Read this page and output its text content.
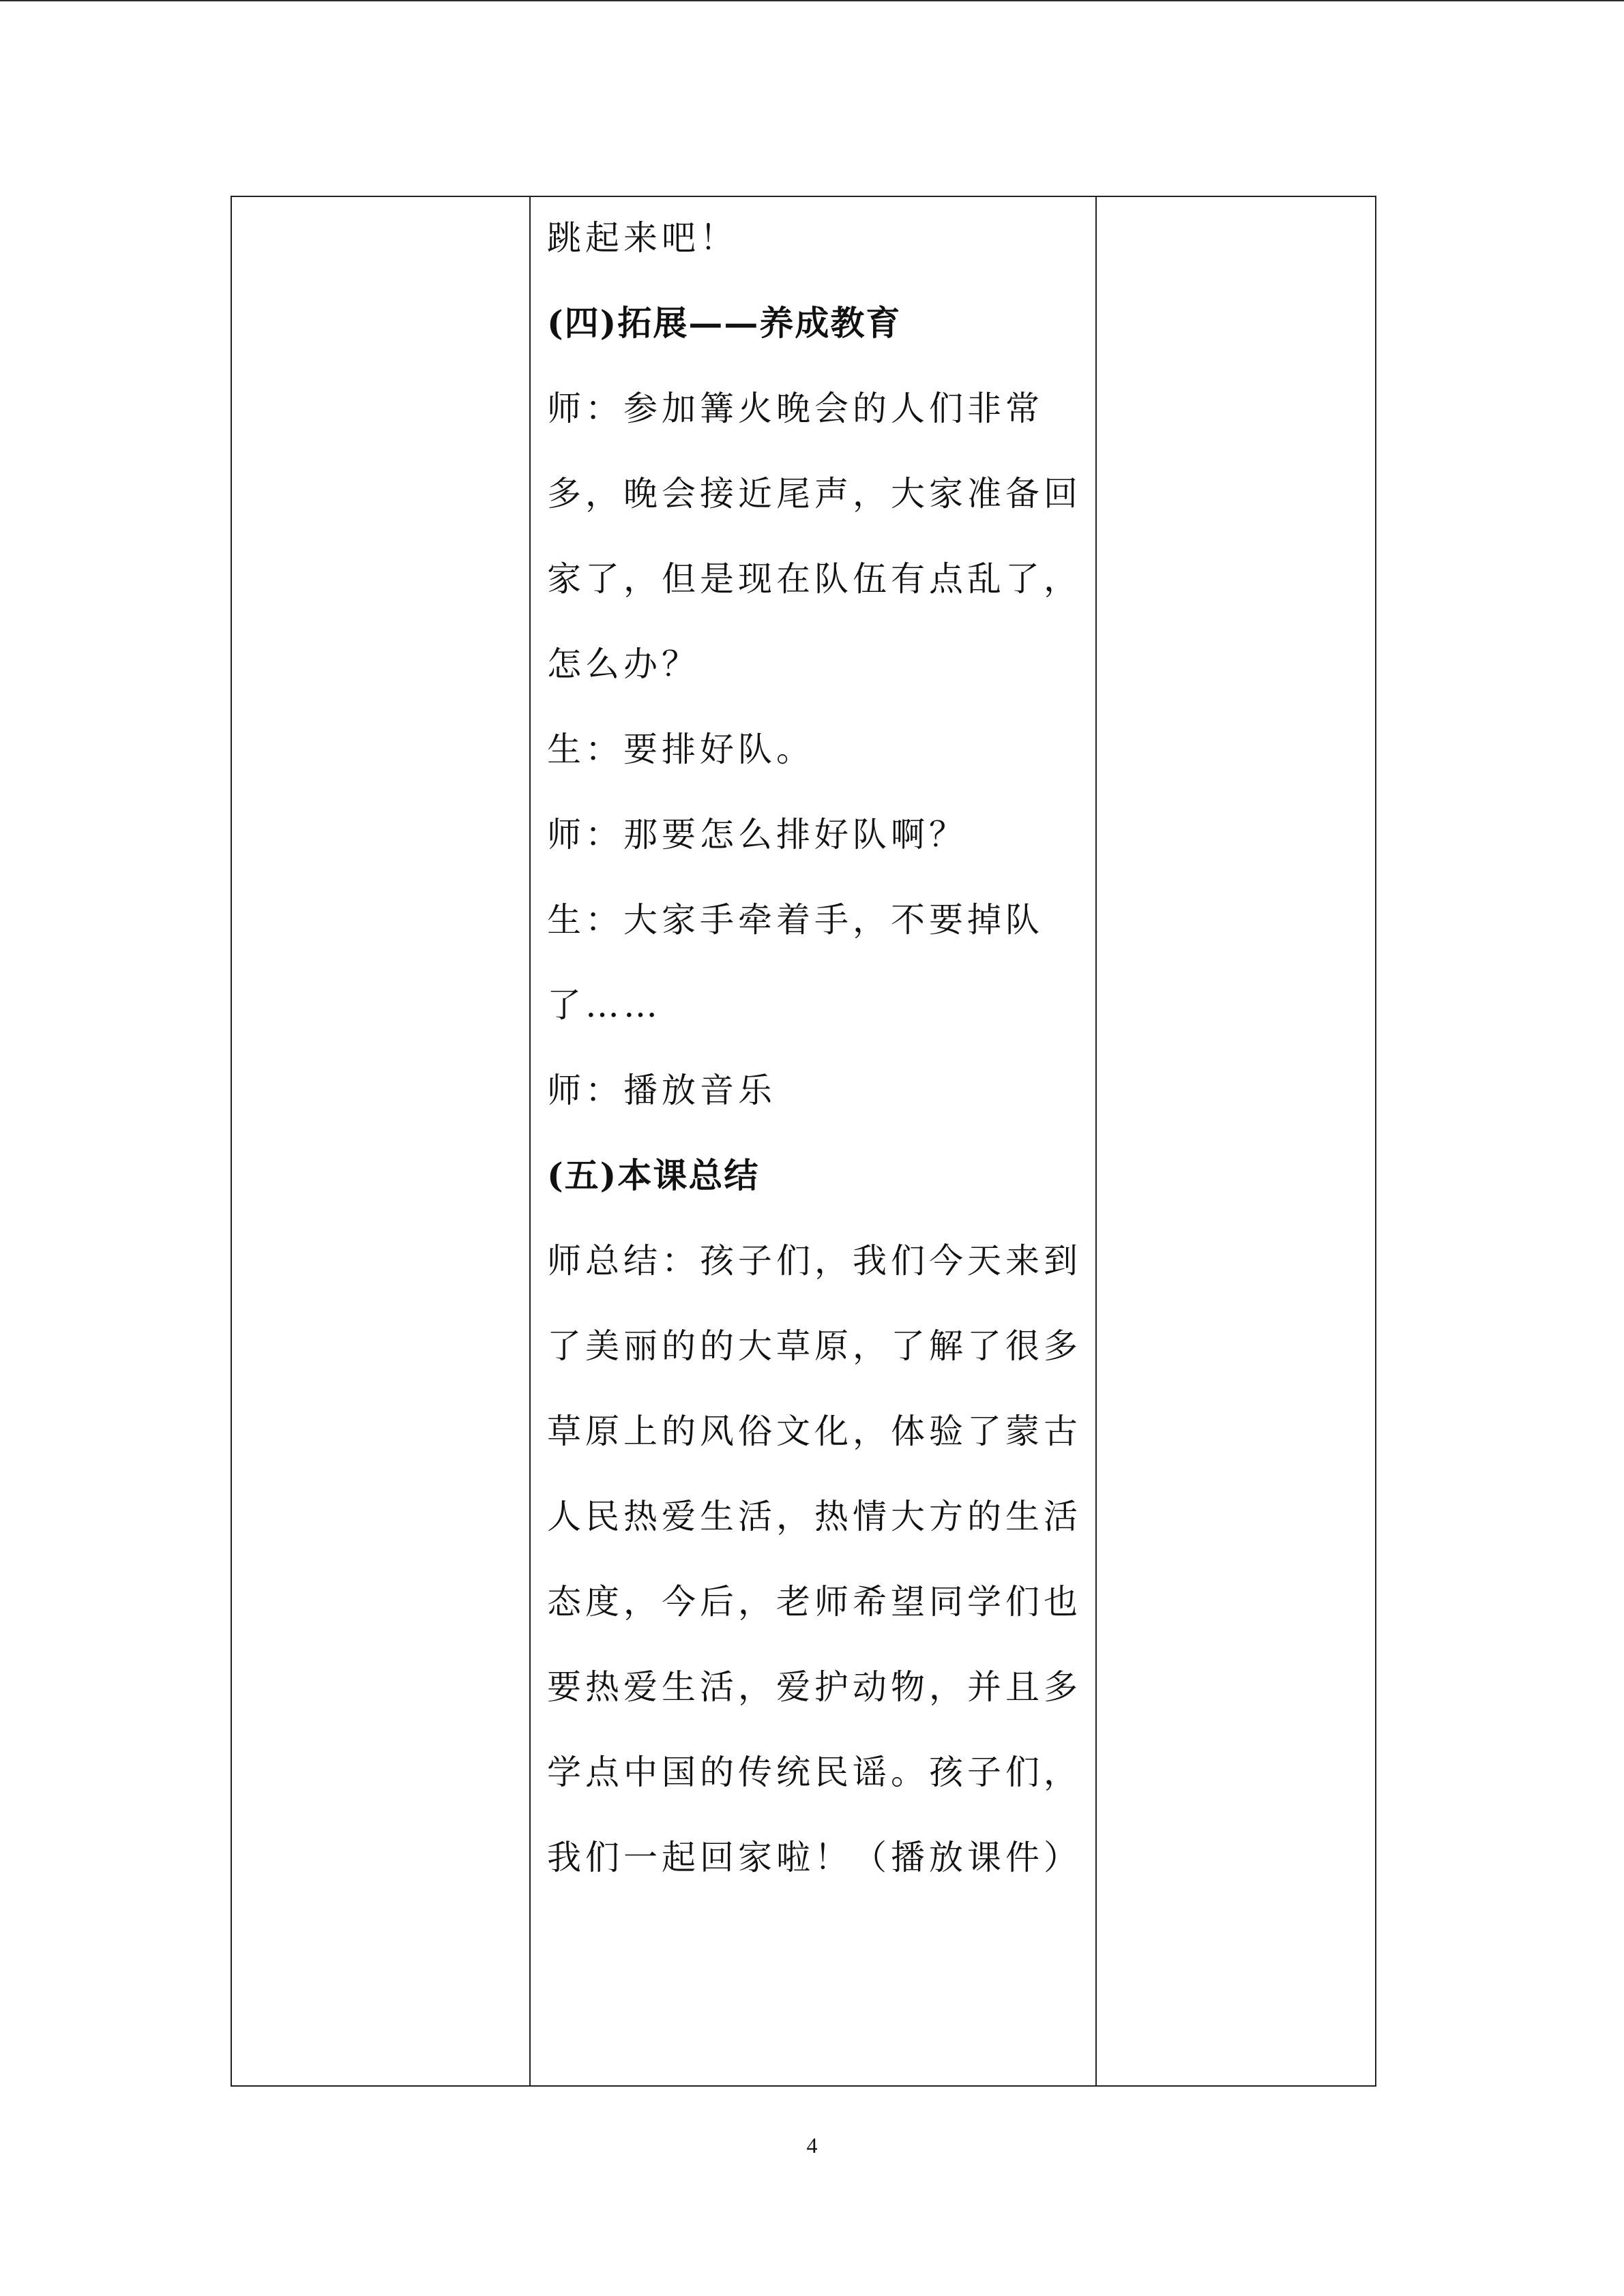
跳起来吧！
(四)拓展——养成教育
师：参加篝火晚会的人们非常
多，晚会接近尾声，大家准备回
家了，但是现在队伍有点乱了，
怎么办？
生：要排好队。
师：那要怎么排好队啊？
生：大家手牵着手，不要掉队
了……
师：播放音乐
(五)本课总结
师总结：孩子们，我们今天来到
了美丽的的大草原，了解了很多
草原上的风俗文化，体验了蒙古
人民热爱生活，热情大方的生活
态度，今后，老师希望同学们也
要热爱生活，爱护动物，并且多
学点中国的传统民谣。孩子们，
我们一起回家啦！（播放课件）
4
